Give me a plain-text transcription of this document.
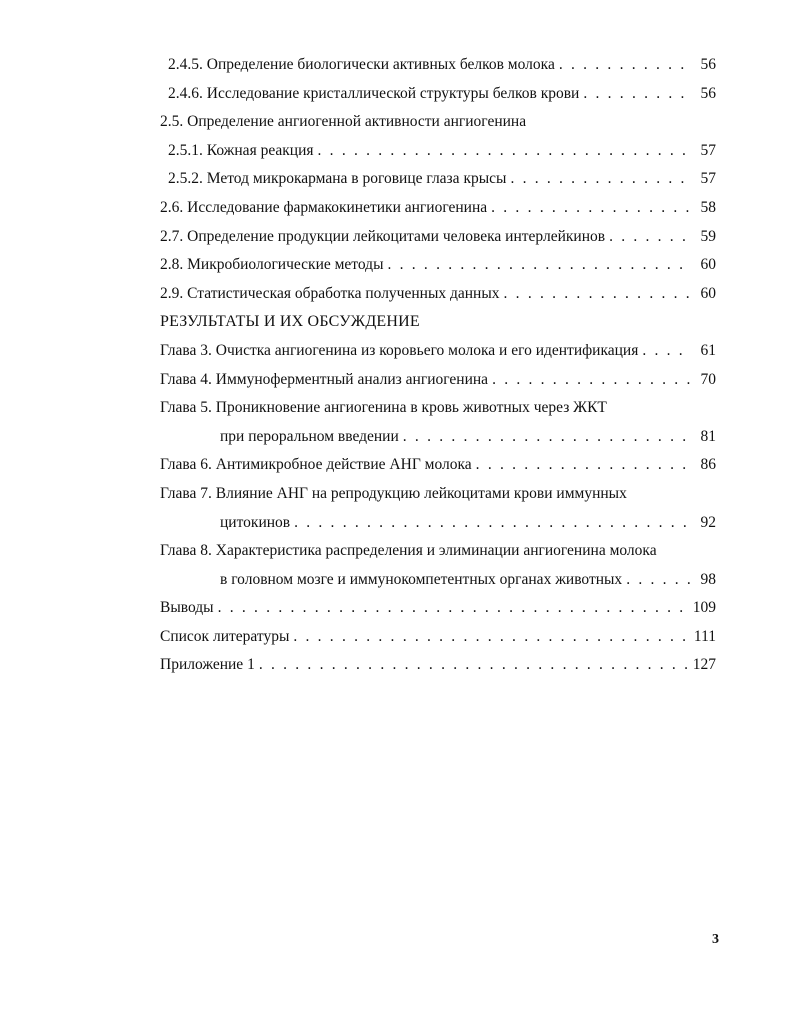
2.4.5. Определение биологически активных белков молока . . .	56
2.4.6. Исследование кристаллической структуры белков крови . . .	56
2.5. Определение ангиогенной активности ангиогенина
2.5.1. Кожная реакция . . .	57
2.5.2. Метод микрокармана в роговице глаза крысы . . .	57
2.6. Исследование фармакокинетики ангиогенина . . .	58
2.7. Определение продукции лейкоцитами человека интерлейкинов . . .	59
2.8. Микробиологические методы . . .	60
2.9. Статистическая обработка полученных данных . . .	60
РЕЗУЛЬТАТЫ И ИХ ОБСУЖДЕНИЕ
Глава 3. Очистка ангиогенина из коровьего молока и его идентификация . . .	61
Глава 4. Иммуноферментный анализ ангиогенина . . .	70
Глава 5. Проникновение ангиогенина в кровь животных через ЖКТ
при пероральном введении . . .	81
Глава 6. Антимикробное действие АНГ молока . . .	86
Глава 7. Влияние АНГ на репродукцию лейкоцитами крови иммунных
цитокинов . . .	92
Глава 8. Характеристика распределения и элиминации ангиогенина молока
в головном мозге и иммунокомпетентных органах животных . . .	98
Выводы . . .	109
Список литературы . . .	111
Приложение 1 . . .	127
3
